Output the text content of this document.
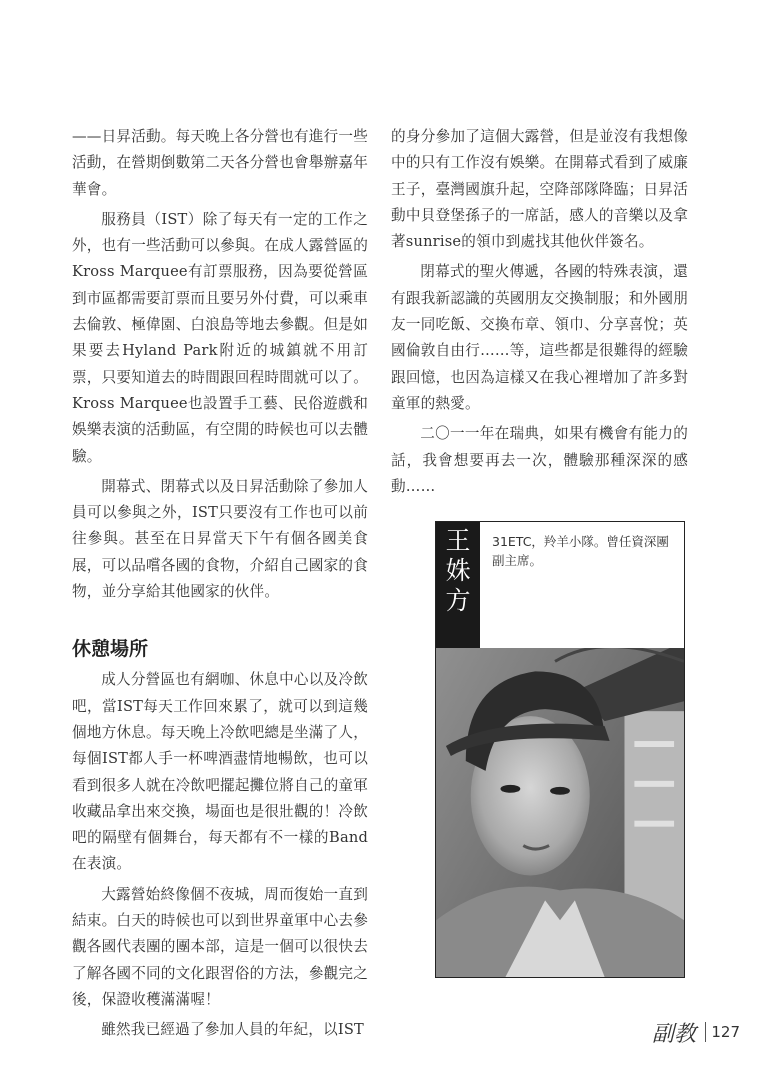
——日昇活動。每天晚上各分營也有進行一些活動，在營期倒數第二天各分營也會舉辦嘉年華會。

服務員（IST）除了每天有一定的工作之外，也有一些活動可以參與。在成人露營區的Kross Marquee有訂票服務，因為要從營區到市區都需要訂票而且要另外付費，可以乘車去倫敦、極偉園、白浪島等地去參觀。但是如果要去Hyland Park附近的城鎮就不用訂票，只要知道去的時間跟回程時間就可以了。Kross Marquee也設置手工藝、民俗遊戲和娛樂表演的活動區，有空閒的時候也可以去體驗。

開幕式、閉幕式以及日昇活動除了參加人員可以參與之外，IST只要沒有工作也可以前往參與。甚至在日昇當天下午有個各國美食展，可以品嚐各國的食物，介紹自己國家的食物，並分享給其他國家的伙伴。

休憩場所

成人分營區也有網咖、休息中心以及冷飲吧，當IST每天工作回來累了，就可以到這幾個地方休息。每天晚上冷飲吧總是坐滿了人，每個IST都人手一杯啤酒盡情地暢飲，也可以看到很多人就在冷飲吧擺起攤位將自己的童軍收藏品拿出來交換，場面也是很壯觀的！冷飲吧的隔壁有個舞台，每天都有不一樣的Band在表演。

大露營始終像個不夜城，周而復始一直到結束。白天的時候也可以到世界童軍中心去參觀各國代表團的團本部，這是一個可以很快去了解各國不同的文化跟習俗的方法，參觀完之後，保證收穫滿滿喔！

雖然我已經過了參加人員的年紀，以IST

的身分參加了這個大露營，但是並沒有我想像中的只有工作沒有娛樂。在開幕式看到了威廉王子，臺灣國旗升起，空降部隊降臨；日昇活動中貝登堡孫子的一席話，感人的音樂以及拿著sunrise的領巾到處找其他伙伴簽名。

閉幕式的聖火傳遞，各國的特殊表演，還有跟我新認識的英國朋友交換制服；和外國朋友一同吃飯、交換布章、領巾、分享喜悅；英國倫敦自由行……等，這些都是很難得的經驗跟回憶，也因為這樣又在我心裡增加了許多對童軍的熱愛。

二〇一一年在瑞典，如果有機會有能力的話，我會想要再去一次，體驗那種深深的感動……

王
姝
方
31ETC，羚羊小隊。曾任資深團副主席。
副教 127
